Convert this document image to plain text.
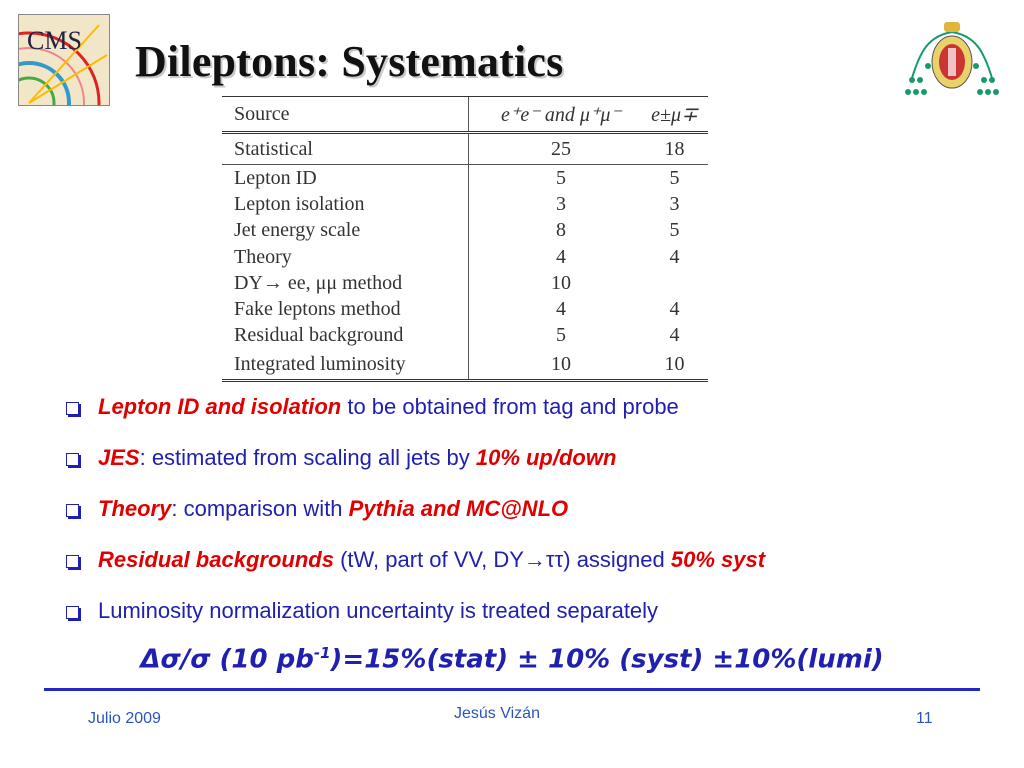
CMS Dileptons: Systematics
Source	e⁺e⁻ and μ⁺μ⁻	e±μ∓
Statistical	25	18
Lepton ID	5	5
Lepton isolation	3	3
Jet energy scale	8	5
Theory	4	4
DY→ ee, μμ method	10	
Fake leptons method	4	4
Residual background	5	4
Integrated luminosity	10	10
Lepton ID and isolation to be obtained from tag and probe
JES: estimated from scaling all jets by 10% up/down
Theory: comparison with Pythia and MC@NLO
Residual backgrounds (tW, part of VV, DY→ττ) assigned 50% syst
Luminosity normalization uncertainty is treated separately
Δσ/σ (10 $pb^{-1})=15\%(stat) \pm 10\%$ (syst) ±10%(lumi)
Julio 2009	Jesús Vizán	11
